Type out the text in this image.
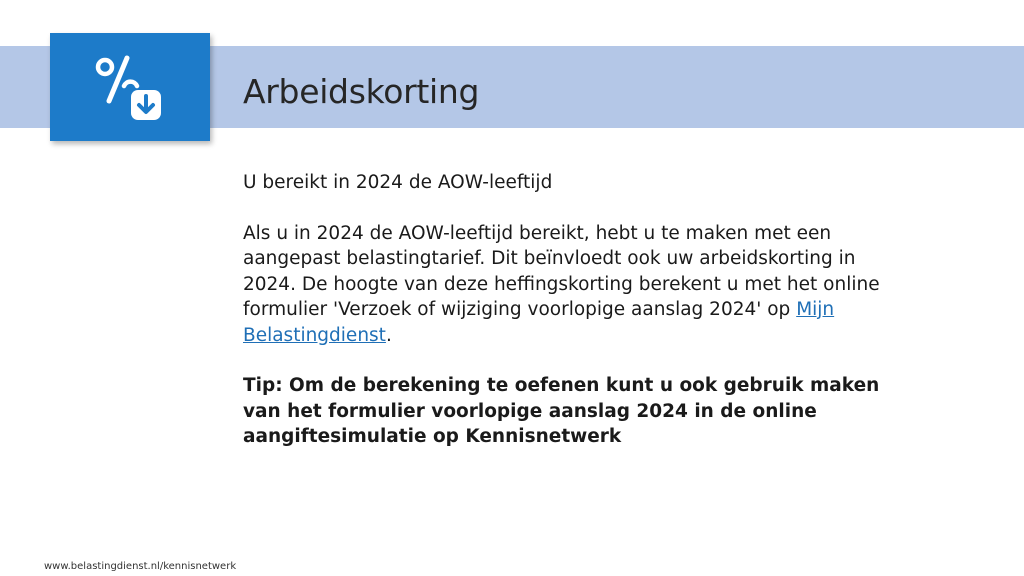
Arbeidskorting

U bereikt in 2024 de AOW-leeftijd

Als u in 2024 de AOW-leeftijd bereikt, hebt u te maken met een aangepast belastingtarief. Dit beïnvloedt ook uw arbeidskorting in 2024. De hoogte van deze heffingskorting berekent u met het online formulier 'Verzoek of wijziging voorlopige aanslag 2024' op Mijn Belastingdienst.

Tip: Om de berekening te oefenen kunt u ook gebruik maken van het formulier voorlopige aanslag 2024 in de online aangiftesimulatie op Kennisnetwerk

www.belastingdienst.nl/kennisnetwerk
